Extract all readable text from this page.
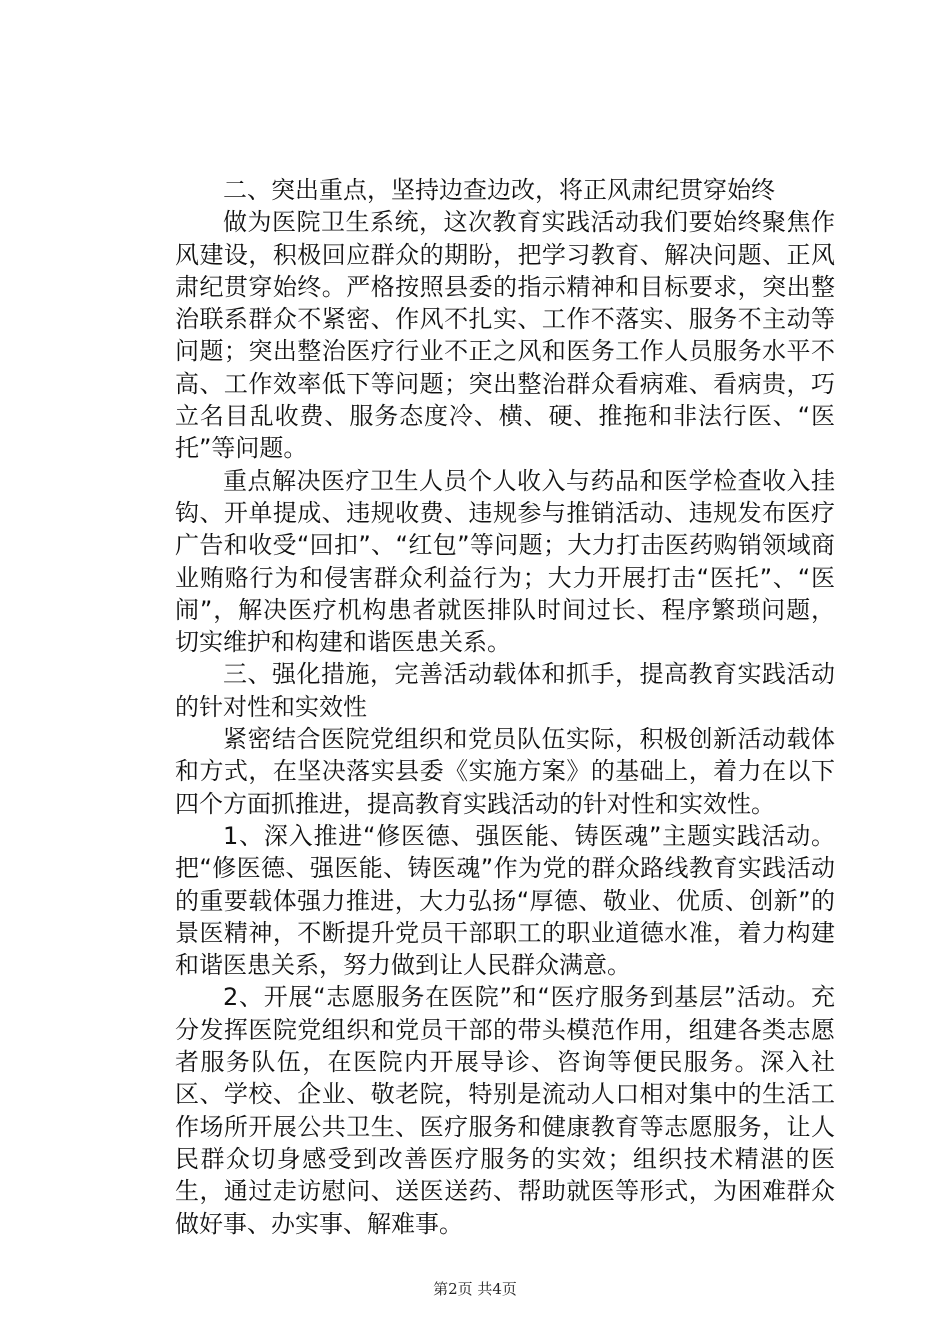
二、突出重点，坚持边查边改，将正风肃纪贯穿始终

做为医院卫生系统，这次教育实践活动我们要始终聚焦作风建设，积极回应群众的期盼，把学习教育、解决问题、正风肃纪贯穿始终。严格按照县委的指示精神和目标要求，突出整治联系群众不紧密、作风不扎实、工作不落实、服务不主动等问题；突出整治医疗行业不正之风和医务工作人员服务水平不高、工作效率低下等问题；突出整治群众看病难、看病贵，巧立名目乱收费、服务态度冷、横、硬、推拖和非法行医、“医托”等问题。

重点解决医疗卫生人员个人收入与药品和医学检查收入挂钩、开单提成、违规收费、违规参与推销活动、违规发布医疗广告和收受“回扣”、“红包”等问题；大力打击医药购销领域商业贿赂行为和侵害群众利益行为；大力开展打击“医托”、“医闹”，解决医疗机构患者就医排队时间过长、程序繁琐问题，切实维护和构建和谐医患关系。

三、强化措施，完善活动载体和抓手，提高教育实践活动的针对性和实效性

紧密结合医院党组织和党员队伍实际，积极创新活动载体和方式，在坚决落实县委《实施方案》的基础上，着力在以下四个方面抓推进，提高教育实践活动的针对性和实效性。

1、深入推进“修医德、强医能、铸医魂”主题实践活动。把“修医德、强医能、铸医魂”作为党的群众路线教育实践活动的重要载体强力推进，大力弘扬“厚德、敬业、优质、创新”的景医精神，不断提升党员干部职工的职业道德水准，着力构建和谐医患关系，努力做到让人民群众满意。

2、开展“志愿服务在医院”和“医疗服务到基层”活动。充分发挥医院党组织和党员干部的带头模范作用，组建各类志愿者服务队伍，在医院内开展导诊、咨询等便民服务。深入社区、学校、企业、敬老院，特别是流动人口相对集中的生活工作场所开展公共卫生、医疗服务和健康教育等志愿服务，让人民群众切身感受到改善医疗服务的实效；组织技术精湛的医生，通过走访慰问、送医送药、帮助就医等形式，为困难群众做好事、办实事、解难事。

第2页 共4页
